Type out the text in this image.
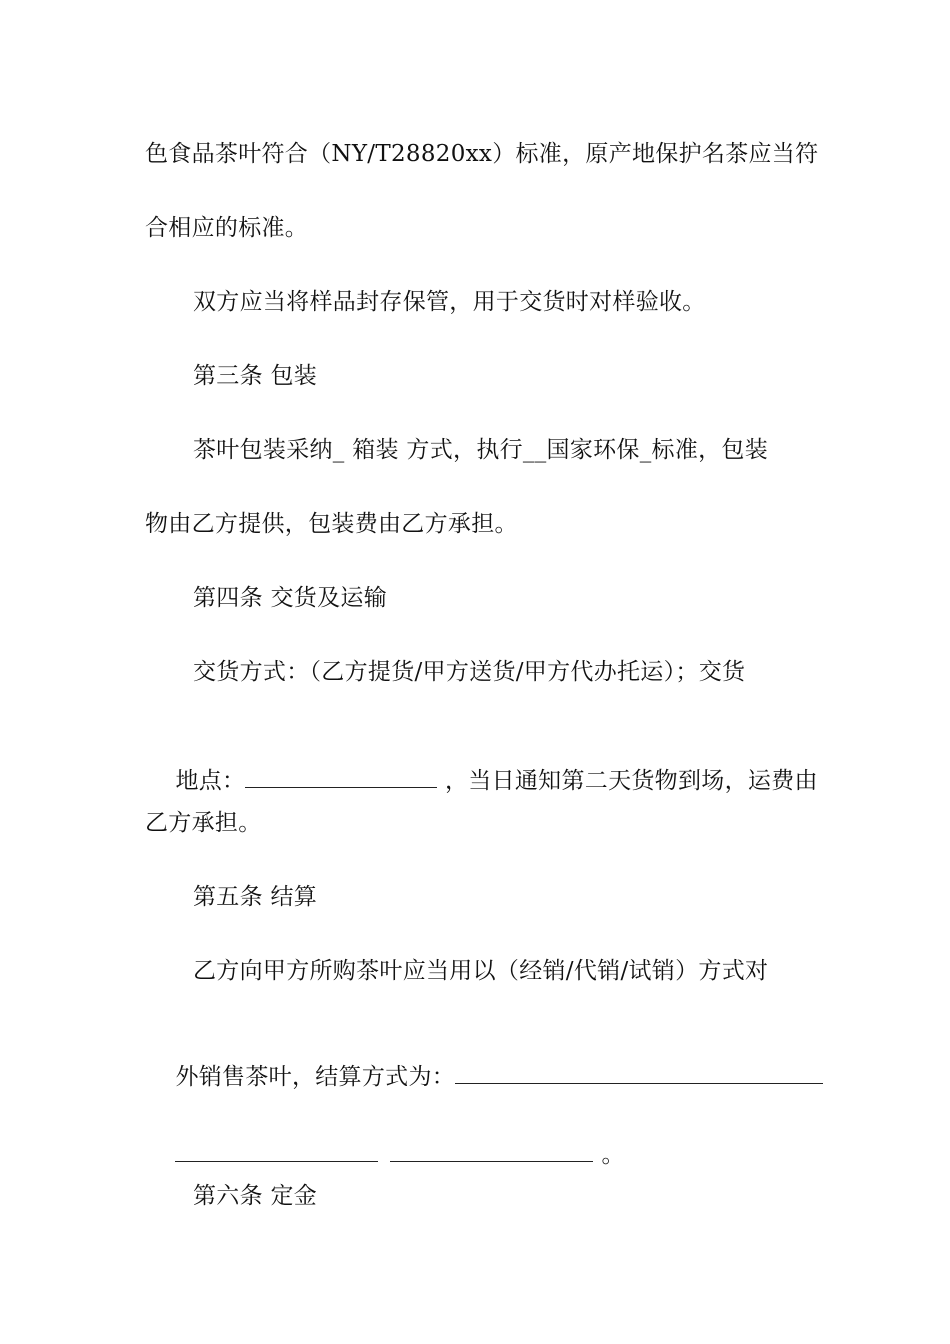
色食品茶叶符合（NY/T28820xx）标准，原产地保护名茶应当符
合相应的标准。
双方应当将样品封存保管，用于交货时对样验收。
第三条 包装
茶叶包装采纳_ 箱装 方式，执行__国家环保_标准，包装
物由乙方提供，包装费由乙方承担。
第四条 交货及运输
交货方式：（乙方提货/甲方送货/甲方代办托运）；交货

地点：	，当日通知第二天货物到场，运费由

乙方承担。
第五条 结算
乙方向甲方所购茶叶应当用以（经销/代销/试销）方式对

外销售茶叶，结算方式为：

。

第六条 定金
